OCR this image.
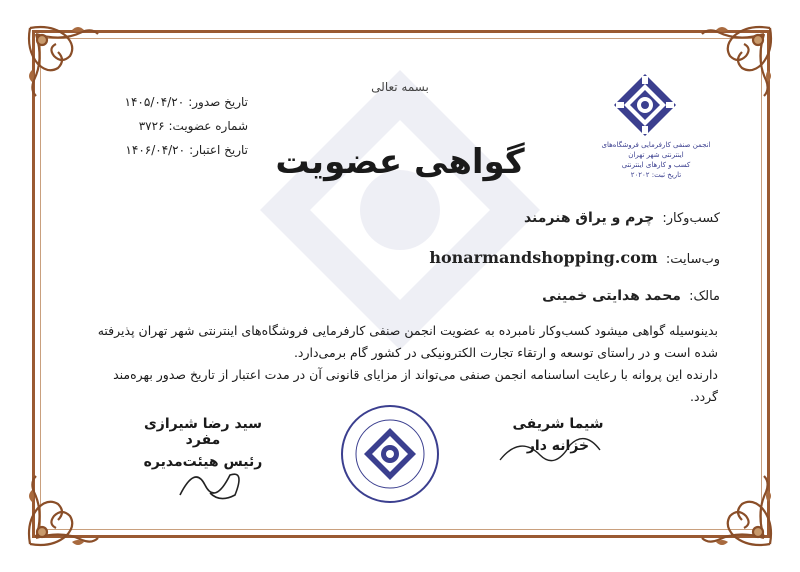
انجمن صنفی کارفرمایی فروشگاه‌های اینترنتی شهر تهران
کسب و کارهای اینترنتی
تاریخ ثبت: ۲۰۲۰۲
بسمه تعالی
گواهی عضویت
تاریخ صدور:
۱۴۰۵/۰۴/۲۰
شماره عضویت:
۳۷۲۶
تاریخ اعتبار:
۱۴۰۶/۰۴/۲۰
کسب‌وکار: چرم و یراق هنرمند
وب‌سایت: honarmandshopping.com
مالک: محمد هدایتی خمینی
بدینوسیله گواهی میشود کسب‌وکار نامبرده به عضویت انجمن صنفی کارفرمایی فروشگاه‌های اینترنتی شهر تهران پذیرفته شده است و در راستای توسعه و ارتقاء تجارت الکترونیکی در کشور گام برمی‌دارد.
دارنده این پروانه با رعایت اساسنامه انجمن صنفی می‌تواند از مزایای قانونی آن در مدت اعتبار از تاریخ صدور بهره‌مند گردد.
سید رضا شیرازی مفرد
رئیس هیئت‌مدیره
شیما شریفی
خزانه دار
